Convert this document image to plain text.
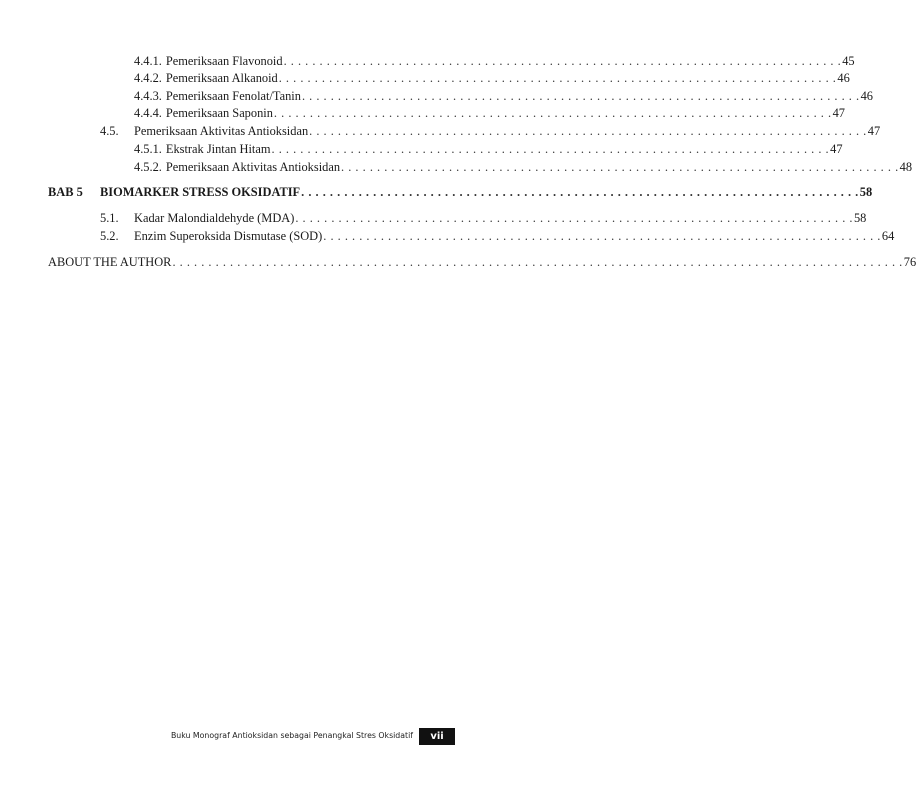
4.4.1. Pemeriksaan Flavonoid . . . . . . . . . . . . . . . . . . . . . . . . . . . . . . . . . . . . . . . . . . . . . . . . . . . . . . . . . . . . . . . . . . . . . . . . . . . . . . 45
4.4.2. Pemeriksaan Alkanoid . . . . . . . . . . . . . . . . . . . . . . . . . . . . . . . . . . . . . . . . . . . . . . . . . . . . . . . . . . . . . . . . . . . . . . . . . . . . . . 46
4.4.3. Pemeriksaan Fenolat/Tanin . . . . . . . . . . . . . . . . . . . . . . . . . . . . . . . . . . . . . . . . . . . . . . . . . . . . . . . . . . . . . . . . . . . . . . . . . . . . . . 46
4.4.4. Pemeriksaan Saponin . . . . . . . . . . . . . . . . . . . . . . . . . . . . . . . . . . . . . . . . . . . . . . . . . . . . . . . . . . . . . . . . . . . . . . . . . . . . . . 47
4.5.	Pemeriksaan Aktivitas Antioksidan . . . . . . . . . . . . . . . . . . . . . . . . . . . . . . . . . . . . . . . . . . . . . . . . . . . . . . . . . . . . . . . . . . . . . . . . . . . . . . 47
4.5.1. Ekstrak Jintan Hitam . . . . . . . . . . . . . . . . . . . . . . . . . . . . . . . . . . . . . . . . . . . . . . . . . . . . . . . . . . . . . . . . . . . . . . . . . . . . . . 47
4.5.2. Pemeriksaan Aktivitas Antioksidan . . . . . . . . . . . . . . . . . . . . . . . . . . . . . . . . . . . . . . . . . . . . . . . . . . . . . . . . . . . . . . . . . . . . . . . . . . . . . . 48
BAB 5	BIOMARKER STRESS OKSIDATIF . . . . . . . . . . . . . . . . . . . . . . . . . . . . . . . . . . . . . . . . . . . . . . . . . . . . . . . . . . . . . . . . . . . . . . . . . . . . . . 58
5.1.	Kadar Malondialdehyde (MDA) . . . . . . . . . . . . . . . . . . . . . . . . . . . . . . . . . . . . . . . . . . . . . . . . . . . . . . . . . . . . . . . . . . . . . . . . . . . . . . 58
5.2.	Enzim Superoksida Dismutase (SOD) . . . . . . . . . . . . . . . . . . . . . . . . . . . . . . . . . . . . . . . . . . . . . . . . . . . . . . . . . . . . . . . . . . . . . . . . . . . . . . 64
ABOUT THE AUTHOR . . . . . . . . . . . . . . . . . . . . . . . . . . . . . . . . . . . . . . . . . . . . . . . . . . . . . . . . . . . . . . . . . . . . . . . . . . . . . . . . . . . . . . . . . . . . . . . . . . . . . . 76
Buku Monograf Antioksidan sebagai Penangkal Stres Oksidatif	vii
